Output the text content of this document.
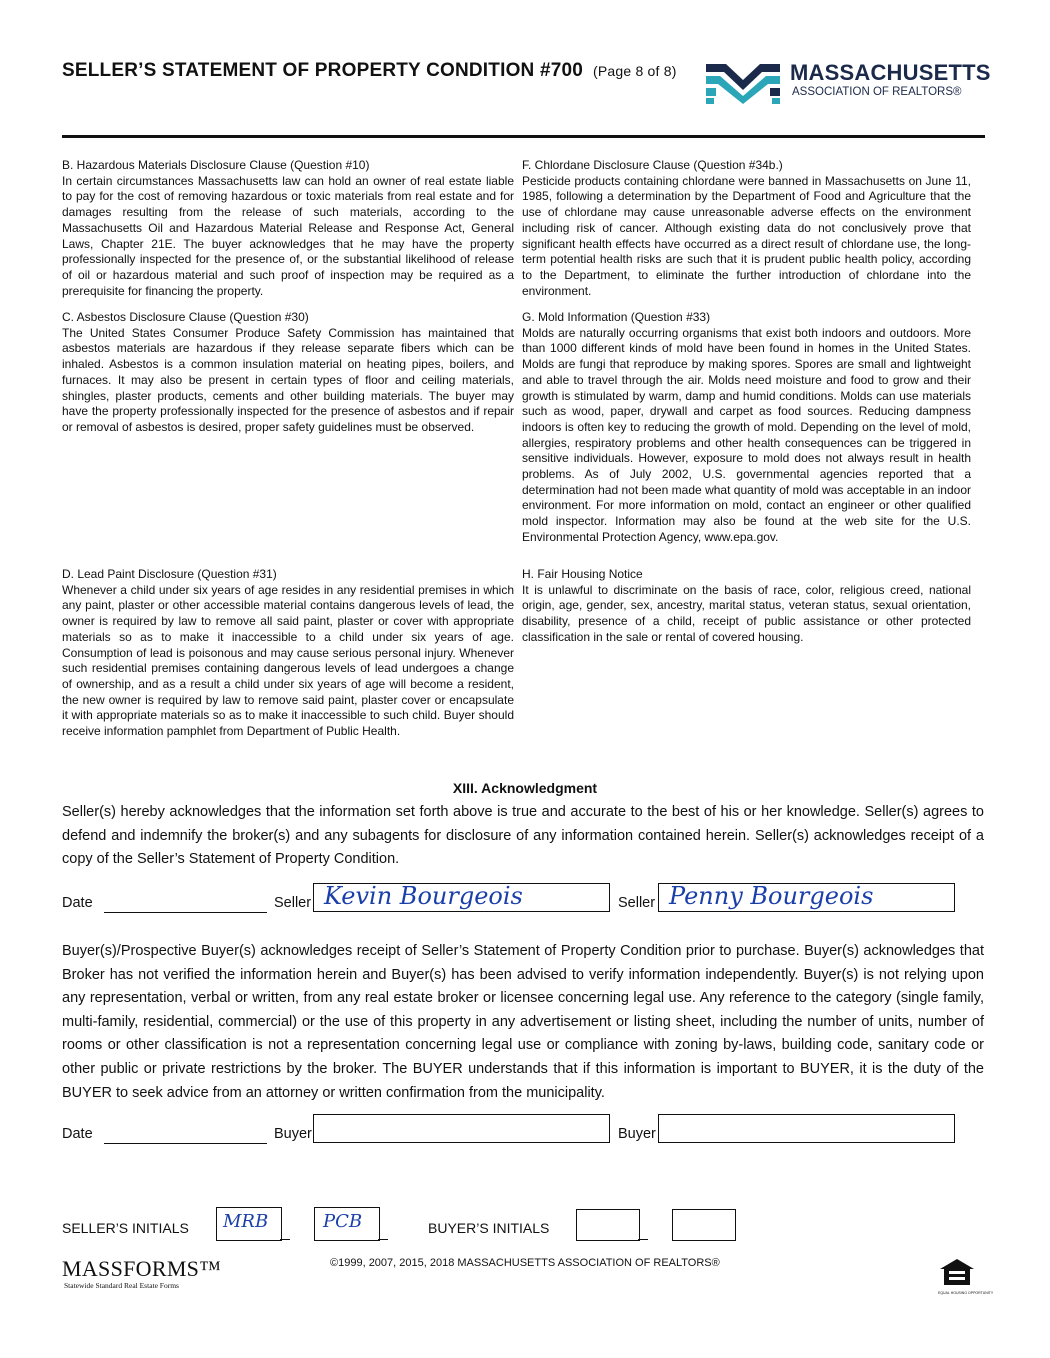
SELLER’S STATEMENT OF PROPERTY CONDITION #700 (Page 8 of 8)	MASSACHUSETTS
ASSOCIATION OF REALTORS®
B. Hazardous Materials Disclosure Clause (Question #10)
In certain circumstances Massachusetts law can hold an owner of real estate liable to pay for the cost of removing hazardous or toxic materials from real estate and for damages resulting from the release of such materials, according to the Massachusetts Oil and Hazardous Material Release and Response Act, General Laws, Chapter 21E. The buyer acknowledges that he may have the property professionally inspected for the presence of, or the substantial likelihood of release of oil or hazardous material and such proof of inspection may be required as a prerequisite for financing the property.
C. Asbestos Disclosure Clause (Question #30)
The United States Consumer Produce Safety Commission has maintained that asbestos materials are hazardous if they release separate fibers which can be inhaled. Asbestos is a common insulation material on heating pipes, boilers, and furnaces. It may also be present in certain types of floor and ceiling materials, shingles, plaster products, cements and other building materials. The buyer may have the property professionally inspected for the presence of asbestos and if repair or removal of asbestos is desired, proper safety guidelines must be observed.
D. Lead Paint Disclosure (Question #31)
Whenever a child under six years of age resides in any residential premises in which any paint, plaster or other accessible material contains dangerous levels of lead, the owner is required by law to remove all said paint, plaster or cover with appropriate materials so as to make it inaccessible to a child under six years of age. Consumption of lead is poisonous and may cause serious personal injury. Whenever such residential premises containing dangerous levels of lead undergoes a change of ownership, and as a result a child under six years of age will become a resident, the new owner is required by law to remove said paint, plaster cover or encapsulate it with appropriate materials so as to make it inaccessible to such child. Buyer should receive information pamphlet from Department of Public Health.
F. Chlordane Disclosure Clause (Question #34b.)
Pesticide products containing chlordane were banned in Massachusetts on June 11, 1985, following a determination by the Department of Food and Agriculture that the use of chlordane may cause unreasonable adverse effects on the environment including risk of cancer. Although existing data do not conclusively prove that significant health effects have occurred as a direct result of chlordane use, the long-term potential health risks are such that it is prudent public health policy, according to the Department, to eliminate the further introduction of chlordane into the environment.
G. Mold Information (Question #33)
Molds are naturally occurring organisms that exist both indoors and outdoors. More than 1000 different kinds of mold have been found in homes in the United States. Molds are fungi that reproduce by making spores. Spores are small and lightweight and able to travel through the air. Molds need moisture and food to grow and their growth is stimulated by warm, damp and humid conditions. Molds can use materials such as wood, paper, drywall and carpet as food sources. Reducing dampness indoors is often key to reducing the growth of mold. Depending on the level of mold, allergies, respiratory problems and other health consequences can be triggered in sensitive individuals. However, exposure to mold does not always result in health problems. As of July 2002, U.S. governmental agencies reported that a determination had not been made what quantity of mold was acceptable in an indoor environment. For more information on mold, contact an engineer or other qualified mold inspector. Information may also be found at the web site for the U.S. Environmental Protection Agency, www.epa.gov.
H. Fair Housing Notice
It is unlawful to discriminate on the basis of race, color, religious creed, national origin, age, gender, sex, ancestry, marital status, veteran status, sexual orientation, disability, presence of a child, receipt of public assistance or other protected classification in the sale or rental of covered housing.
XIII. Acknowledgment
Seller(s) hereby acknowledges that the information set forth above is true and accurate to the best of his or her knowledge. Seller(s) agrees to defend and indemnify the broker(s) and any subagents for disclosure of any information contained herein. Seller(s) acknowledges receipt of a copy of the Seller’s Statement of Property Condition.
Date	Seller Kevin Bourgeois	Seller Penny Bourgeois
Buyer(s)/Prospective Buyer(s) acknowledges receipt of Seller’s Statement of Property Condition prior to purchase. Buyer(s) acknowledges that Broker has not verified the information herein and Buyer(s) has been advised to verify information independently. Buyer(s) is not relying upon any representation, verbal or written, from any real estate broker or licensee concerning legal use. Any reference to the category (single family, multi-family, residential, commercial) or the use of this property in any advertisement or listing sheet, including the number of units, number of rooms or other classification is not a representation concerning legal use or compliance with zoning by-laws, building code, sanitary code or other public or private restrictions by the broker. The BUYER understands that if this information is important to BUYER, it is the duty of the BUYER to seek advice from an attorney or written confirmation from the municipality.
Date	Buyer	Buyer
SELLER’S INITIALS MRB	PCB	BUYER’S INITIALS
MASSFORMS™
Statewide Standard Real Estate Forms
©1999, 2007, 2015, 2018 MASSACHUSETTS ASSOCIATION OF REALTORS®
EQUAL HOUSING OPPORTUNITY
